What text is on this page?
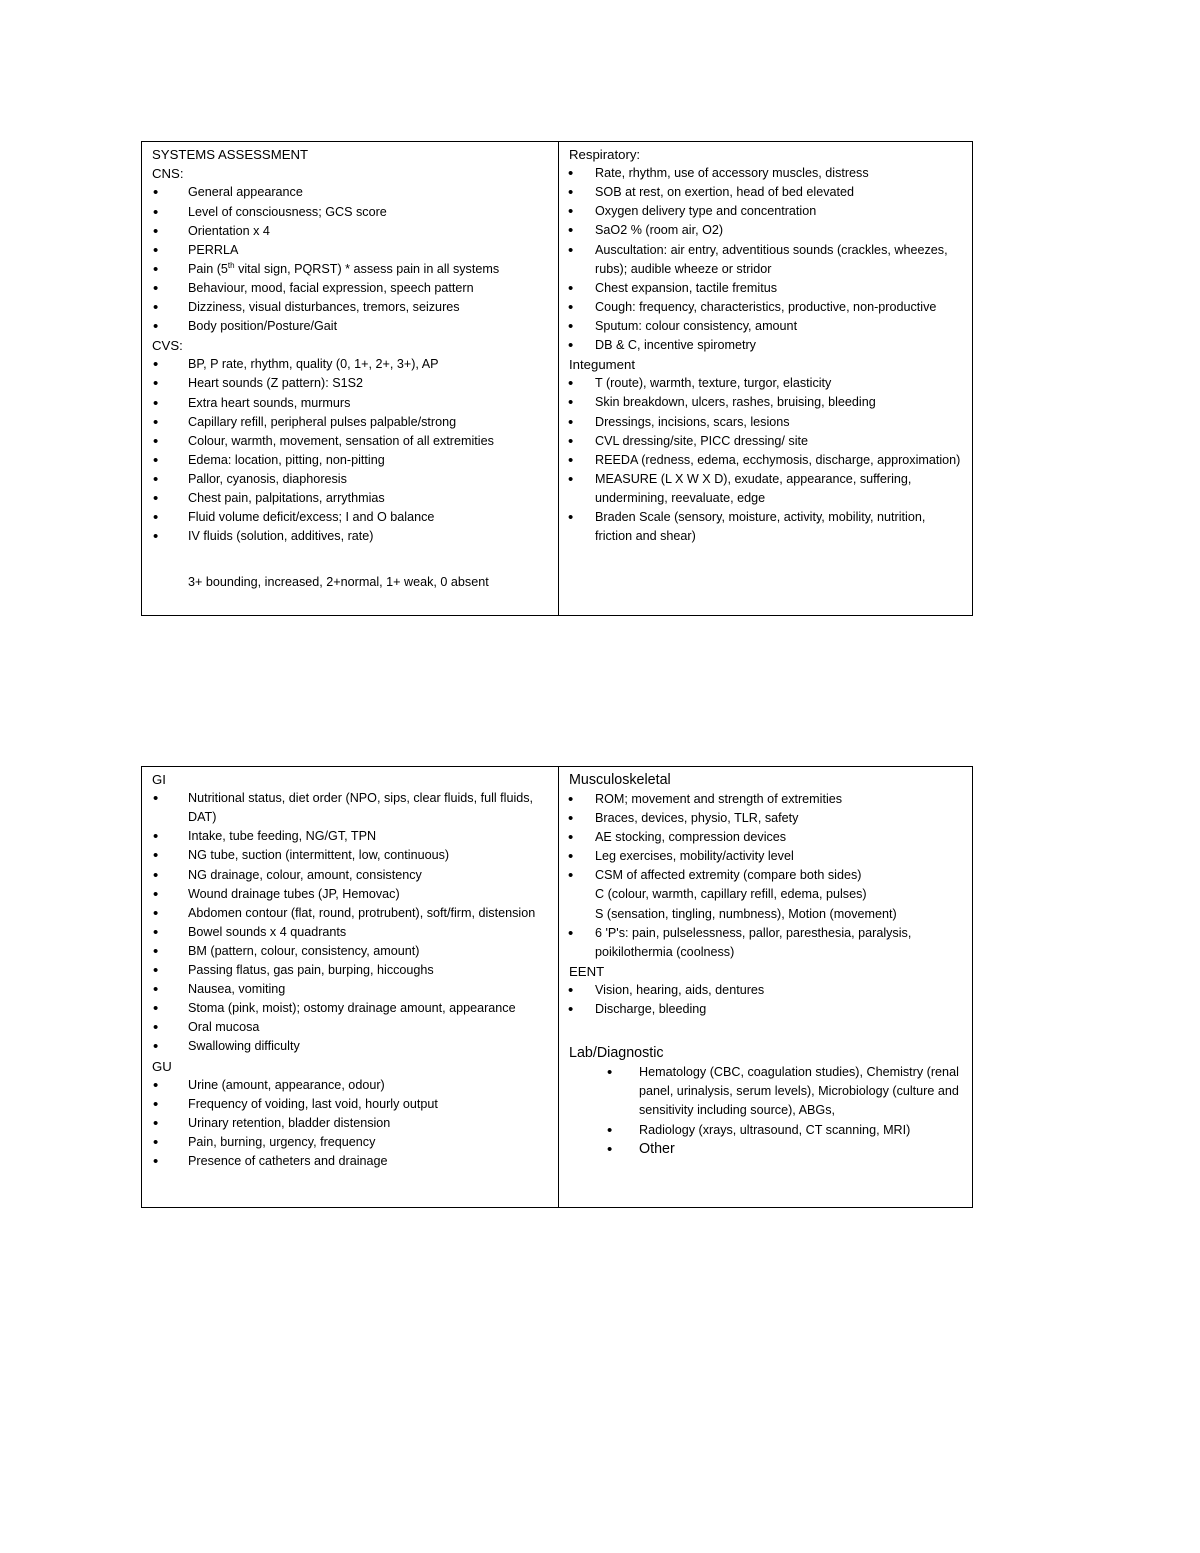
SYSTEMS ASSESSMENT
CNS:
• General appearance
• Level of consciousness; GCS score
• Orientation x 4
• PERRLA
• Pain (5th vital sign, PQRST) * assess pain in all systems
• Behaviour, mood, facial expression, speech pattern
• Dizziness, visual disturbances, tremors, seizures
• Body position/Posture/Gait
CVS:
• BP, P rate, rhythm, quality (0, 1+, 2+, 3+), AP
• Heart sounds (Z pattern): S1S2
• Extra heart sounds, murmurs
• Capillary refill, peripheral pulses palpable/strong
• Colour, warmth, movement, sensation of all extremities
• Edema: location, pitting, non-pitting
• Pallor, cyanosis, diaphoresis
• Chest pain, palpitations, arrythmias
• Fluid volume deficit/excess; I and O balance
• IV fluids (solution, additives, rate)
3+ bounding, increased, 2+normal, 1+ weak, 0 absent
Respiratory:
• Rate, rhythm, use of accessory muscles, distress
• SOB at rest, on exertion, head of bed elevated
• Oxygen delivery type and concentration
• SaO2 % (room air, O2)
• Auscultation: air entry, adventitious sounds (crackles, wheezes, rubs); audible wheeze or stridor
• Chest expansion, tactile fremitus
• Cough: frequency, characteristics, productive, non-productive
• Sputum: colour consistency, amount
• DB & C, incentive spirometry
Integument
• T (route), warmth, texture, turgor, elasticity
• Skin breakdown, ulcers, rashes, bruising, bleeding
• Dressings, incisions, scars, lesions
• CVL dressing/site, PICC dressing/ site
• REEDA (redness, edema, ecchymosis, discharge, approximation)
• MEASURE (L X W X D), exudate, appearance, suffering, undermining, reevaluate, edge
• Braden Scale (sensory, moisture, activity, mobility, nutrition, friction and shear)
GI
• Nutritional status, diet order (NPO, sips, clear fluids, full fluids, DAT)
• Intake, tube feeding, NG/GT, TPN
• NG tube, suction (intermittent, low, continuous)
• NG drainage, colour, amount, consistency
• Wound drainage tubes (JP, Hemovac)
• Abdomen contour (flat, round, protrubent), soft/firm, distension
• Bowel sounds x 4 quadrants
• BM (pattern, colour, consistency, amount)
• Passing flatus, gas pain, burping, hiccoughs
• Nausea, vomiting
• Stoma (pink, moist); ostomy drainage amount, appearance
• Oral mucosa
• Swallowing difficulty
GU
• Urine (amount, appearance, odour)
• Frequency of voiding, last void, hourly output
• Urinary retention, bladder distension
• Pain, burning, urgency, frequency
• Presence of catheters and drainage
Musculoskeletal
• ROM; movement and strength of extremities
• Braces, devices, physio, TLR, safety
• AE stocking, compression devices
• Leg exercises, mobility/activity level
• CSM of affected extremity (compare both sides)
C (colour, warmth, capillary refill, edema, pulses)
S (sensation, tingling, numbness), Motion (movement)
• 6 'P's: pain, pulselessness, pallor, paresthesia, paralysis, poikilothermia (coolness)
EENT
• Vision, hearing, aids, dentures
• Discharge, bleeding
Lab/Diagnostic
• Hematology (CBC, coagulation studies), Chemistry (renal panel, urinalysis, serum levels), Microbiology (culture and sensitivity including source), ABGs,
• Radiology (xrays, ultrasound, CT scanning, MRI)
• Other
